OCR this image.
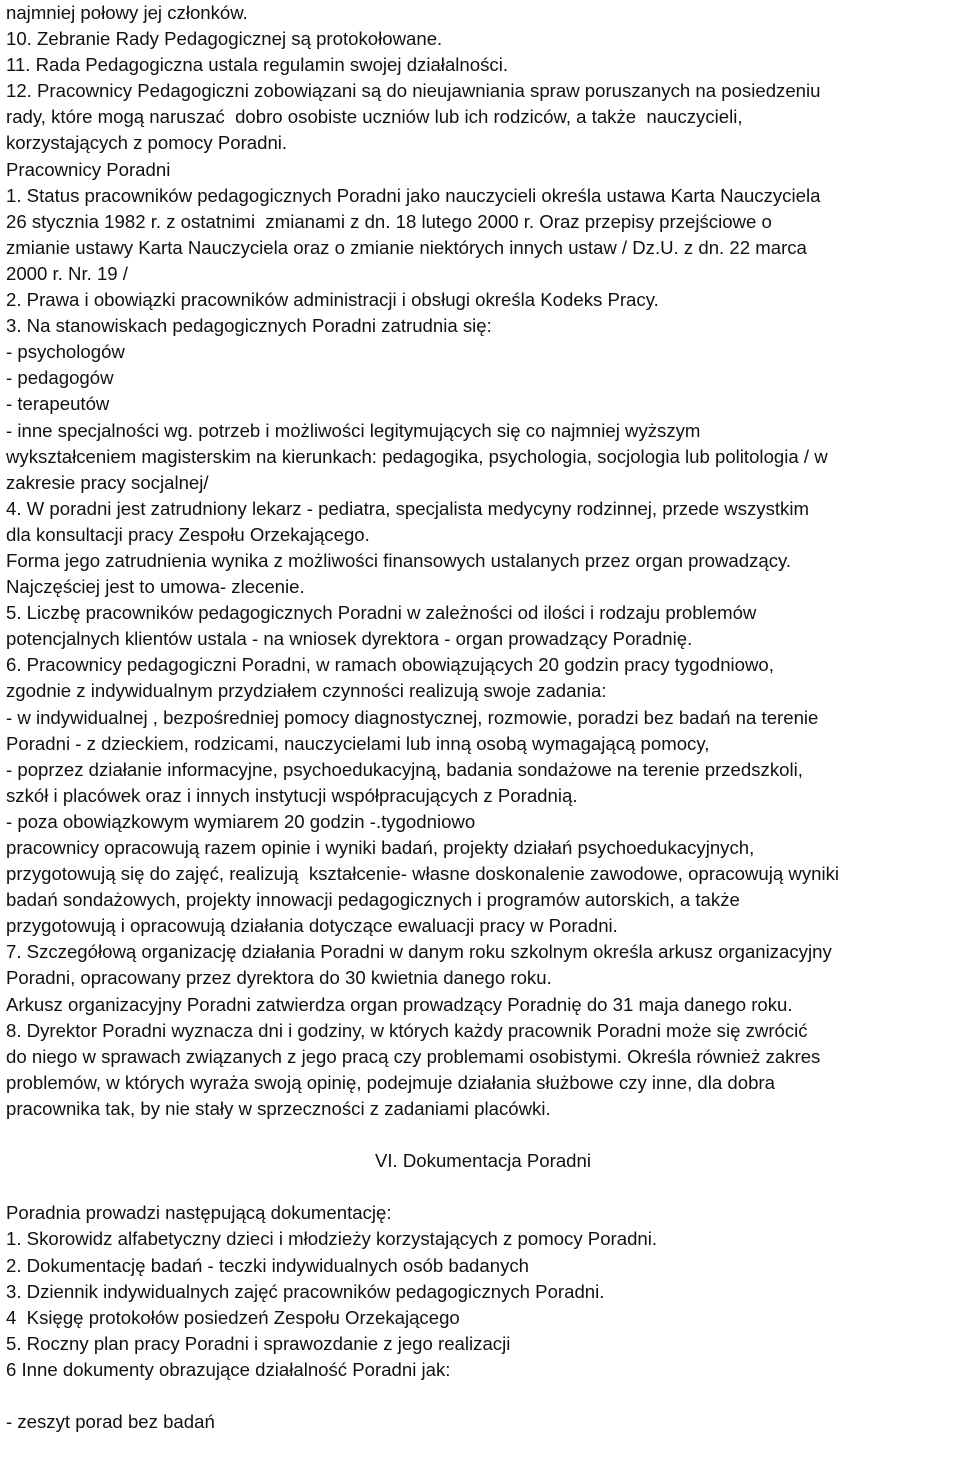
najmniej połowy jej członków.
10. Zebranie Rady Pedagogicznej są protokołowane.
11. Rada Pedagogiczna ustala regulamin swojej działalności.
12. Pracownicy Pedagogiczni zobowiązani są do nieujawniania spraw poruszanych na posiedzeniu
rady, które mogą naruszać  dobro osobiste uczniów lub ich rodziców, a także  nauczycieli,
korzystających z pomocy Poradni.
Pracownicy Poradni
1. Status pracowników pedagogicznych Poradni jako nauczycieli określa ustawa Karta Nauczyciela
26 stycznia 1982 r. z ostatnimi  zmianami z dn. 18 lutego 2000 r. Oraz przepisy przejściowe o
zmianie ustawy Karta Nauczyciela oraz o zmianie niektórych innych ustaw / Dz.U. z dn. 22 marca
2000 r. Nr. 19 /
2. Prawa i obowiązki pracowników administracji i obsługi określa Kodeks Pracy.
3. Na stanowiskach pedagogicznych Poradni zatrudnia się:
- psychologów
- pedagogów
- terapeutów
- inne specjalności wg. potrzeb i możliwości legitymujących się co najmniej wyższym
wykształceniem magisterskim na kierunkach: pedagogika, psychologia, socjologia lub politologia / w
zakresie pracy socjalnej/
4. W poradni jest zatrudniony lekarz - pediatra, specjalista medycyny rodzinnej, przede wszystkim
dla konsultacji pracy Zespołu Orzekającego.
Forma jego zatrudnienia wynika z możliwości finansowych ustalanych przez organ prowadzący.
Najczęściej jest to umowa- zlecenie.
5. Liczbę pracowników pedagogicznych Poradni w zależności od ilości i rodzaju problemów
potencjalnych klientów ustala - na wniosek dyrektora - organ prowadzący Poradnię.
6. Pracownicy pedagogiczni Poradni, w ramach obowiązujących 20 godzin pracy tygodniowo,
zgodnie z indywidualnym przydziałem czynności realizują swoje zadania:
- w indywidualnej , bezpośredniej pomocy diagnostycznej, rozmowie, poradzi bez badań na terenie
Poradni - z dzieckiem, rodzicami, nauczycielami lub inną osobą wymagającą pomocy,
- poprzez działanie informacyjne, psychoedukacyjną, badania sondażowe na terenie przedszkoli,
szkół i placówek oraz i innych instytucji współpracujących z Poradnią.
- poza obowiązkowym wymiarem 20 godzin -.tygodniowo
pracownicy opracowują razem opinie i wyniki badań, projekty działań psychoedukacyjnych,
przygotowują się do zajęć, realizują  kształcenie- własne doskonalenie zawodowe, opracowują wyniki
badań sondażowych, projekty innowacji pedagogicznych i programów autorskich, a także
przygotowują i opracowują działania dotyczące ewaluacji pracy w Poradni.
7. Szczegółową organizację działania Poradni w danym roku szkolnym określa arkusz organizacyjny
Poradni, opracowany przez dyrektora do 30 kwietnia danego roku.
Arkusz organizacyjny Poradni zatwierdza organ prowadzący Poradnię do 31 maja danego roku.
8. Dyrektor Poradni wyznacza dni i godziny, w których każdy pracownik Poradni może się zwrócić
do niego w sprawach związanych z jego pracą czy problemami osobistymi. Określa również zakres
problemów, w których wyraża swoją opinię, podejmuje działania służbowe czy inne, dla dobra
pracownika tak, by nie stały w sprzeczności z zadaniami placówki.
VI. Dokumentacja Poradni
Poradnia prowadzi następującą dokumentację:
1. Skorowidz alfabetyczny dzieci i młodzieży korzystających z pomocy Poradni.
2. Dokumentację badań - teczki indywidualnych osób badanych
3. Dziennik indywidualnych zajęć pracowników pedagogicznych Poradni.
4  Księgę protokołów posiedzeń Zespołu Orzekającego
5. Roczny plan pracy Poradni i sprawozdanie z jego realizacji
6 Inne dokumenty obrazujące działalność Poradni jak:
- zeszyt porad bez badań
